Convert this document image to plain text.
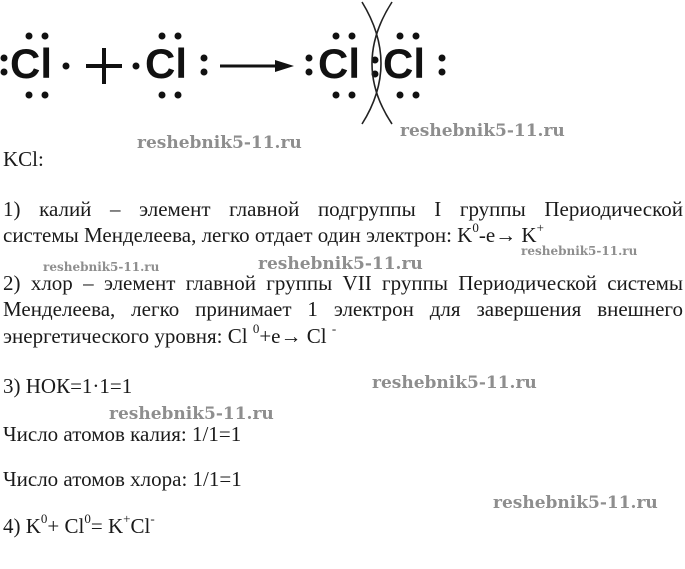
Cl Cl	Cl Cl
KCl:
1) калий – элемент главной подгруппы I группы Периодической
системы Менделеева, легко отдает один электрон: $K^0-e\to K^+$
2) хлор – элемент главной группы VII группы Периодической системы
Менделеева, легко принимает 1 электрон для завершения внешнего
энергетического уровня: Cl $^0$+e→ Cl -
3) НОК=1·1=1
Число атомов калия: 1/1=1
Число атомов хлора: 1/1=1
4) $K^0+ Cl^0= K^+Cl^-$
reshebnik5-11.ru
reshebnik5-11.ru
reshebnik5-11.ru
reshebnik5-11.ru	reshebnik5-11.ru
reshebnik5-11.ru
reshebnik5-11.ru
reshebnik5-11.ru
